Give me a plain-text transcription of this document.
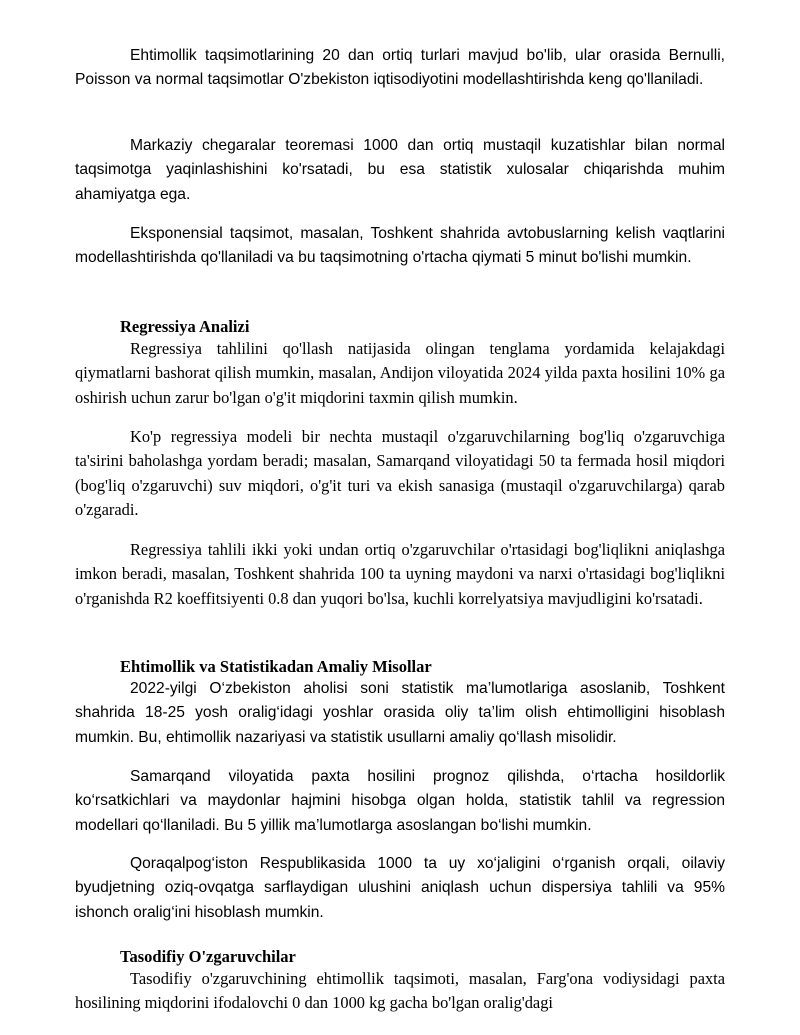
Ehtimollik taqsimotlarining 20 dan ortiq turlari mavjud bo'lib, ular orasida Bernulli, Poisson va normal taqsimotlar O'zbekiston iqtisodiyotini modellashtirishda keng qo'llaniladi.

Markaziy chegaralar teoremasi 1000 dan ortiq mustaqil kuzatishlar bilan normal taqsimotga yaqinlashishini ko'rsatadi, bu esa statistik xulosalar chiqarishda muhim ahamiyatga ega.

Eksponensial taqsimot, masalan, Toshkent shahrida avtobuslarning kelish vaqtlarini modellashtirishda qo'llaniladi va bu taqsimotning o'rtacha qiymati 5 minut bo'lishi mumkin.

Regressiya Analizi

Regressiya tahlilini qo'llash natijasida olingan tenglama yordamida kelajakdagi qiymatlarni bashorat qilish mumkin, masalan, Andijon viloyatida 2024 yilda paxta hosilini 10% ga oshirish uchun zarur bo'lgan o'g'it miqdorini taxmin qilish mumkin.

Ko'p regressiya modeli bir nechta mustaqil o'zgaruvchilarning bog'liq o'zgaruvchiga ta'sirini baholashga yordam beradi; masalan, Samarqand viloyatidagi 50 ta fermada hosil miqdori (bog'liq o'zgaruvchi) suv miqdori, o'g'it turi va ekish sanasiga (mustaqil o'zgaruvchilarga) qarab o'zgaradi.

Regressiya tahlili ikki yoki undan ortiq o'zgaruvchilar o'rtasidagi bog'liqlikni aniqlashga imkon beradi, masalan, Toshkent shahrida 100 ta uyning maydoni va narxi o'rtasidagi bog'liqlikni o'rganishda R2 koeffitsiyenti 0.8 dan yuqori bo'lsa, kuchli korrelyatsiya mavjudligini ko'rsatadi.

Ehtimollik va Statistikadan Amaliy Misollar

2022-yilgi O‘zbekiston aholisi soni statistik ma’lumotlariga asoslanib, Toshkent shahrida 18-25 yosh oralig‘idagi yoshlar orasida oliy ta’lim olish ehtimolligini hisoblash mumkin. Bu, ehtimollik nazariyasi va statistik usullarni amaliy qo‘llash misolidir.

Samarqand viloyatida paxta hosilini prognoz qilishda, o‘rtacha hosildorlik ko‘rsatkichlari va maydonlar hajmini hisobga olgan holda, statistik tahlil va regression modellari qo‘llaniladi. Bu 5 yillik ma’lumotlarga asoslangan bo‘lishi mumkin.

Qoraqalpog‘iston Respublikasida 1000 ta uy xo‘jaligini o‘rganish orqali, oilaviy byudjetning oziq-ovqatga sarflaydigan ulushini aniqlash uchun dispersiya tahlili va 95% ishonch oralig‘ini hisoblash mumkin.

Tasodifiy O'zgaruvchilar

Tasodifiy o'zgaruvchining ehtimollik taqsimoti, masalan, Farg'ona vodiysidagi paxta hosilining miqdorini ifodalovchi 0 dan 1000 kg gacha bo'lgan oralig'dagi
